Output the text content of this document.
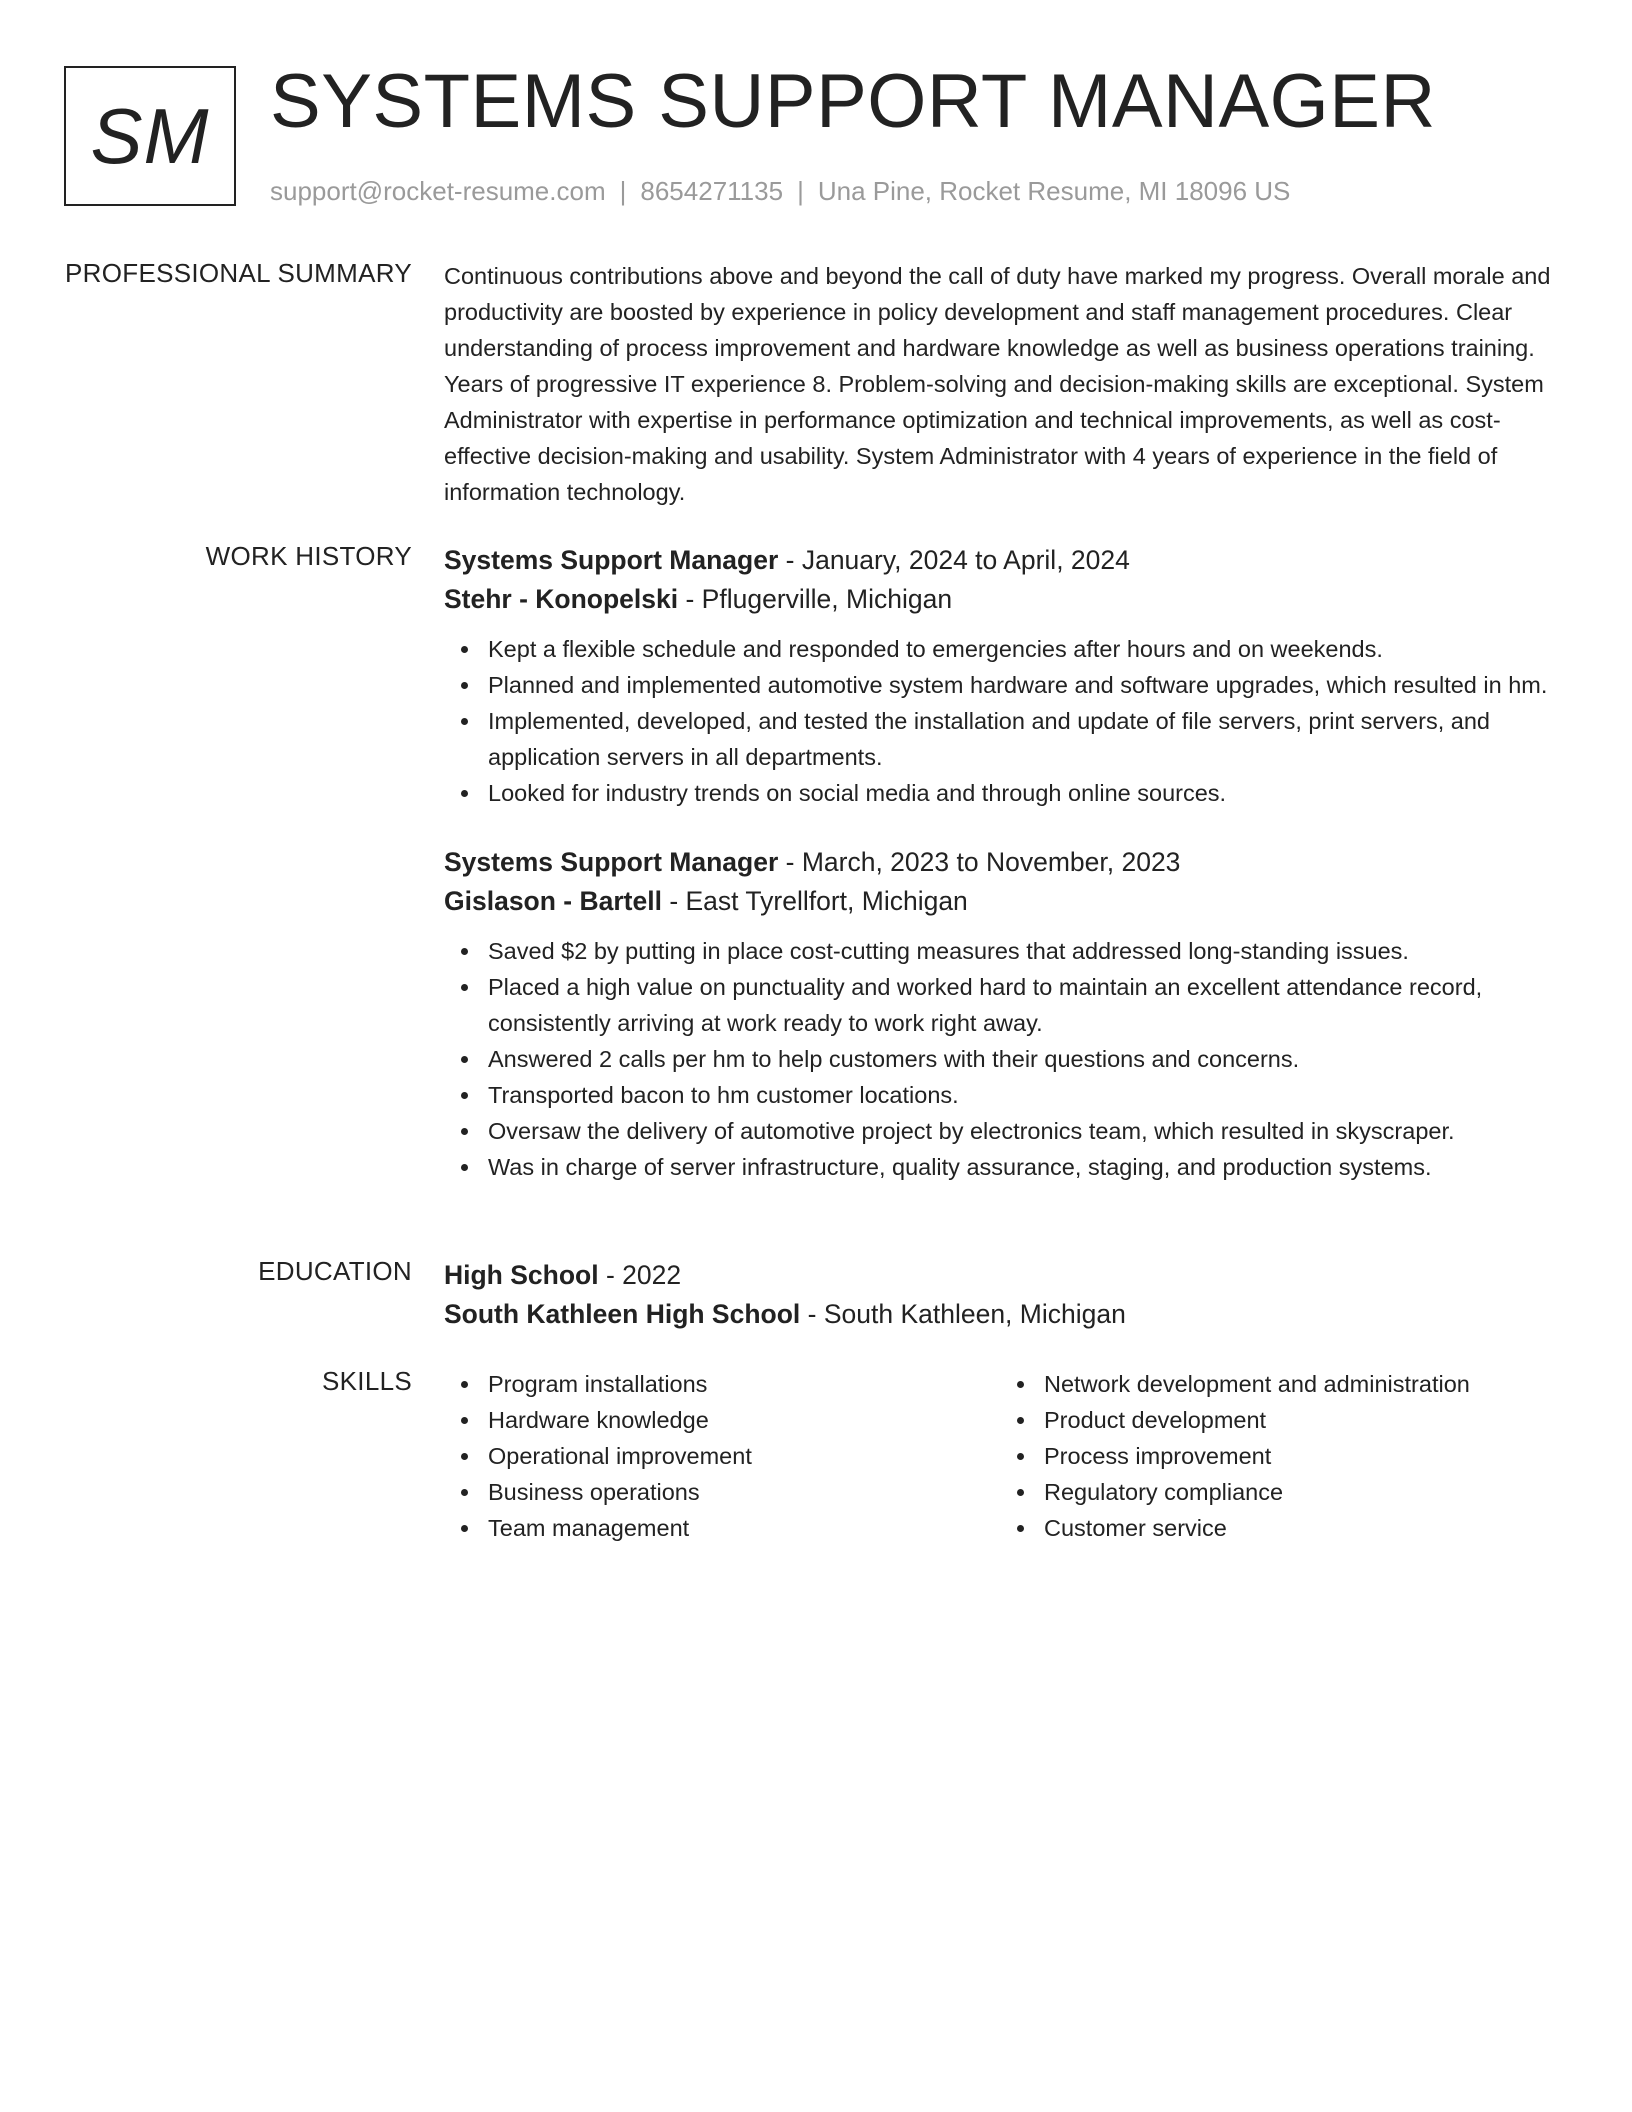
SM SYSTEMS SUPPORT MANAGER
support@rocket-resume.com | 8654271135 | Una Pine, Rocket Resume, MI 18096 US
PROFESSIONAL SUMMARY Continuous contributions above and beyond the call of duty have marked my progress. Overall morale and productivity are boosted by experience in policy development and staff management procedures. Clear understanding of process improvement and hardware knowledge as well as business operations training. Years of progressive IT experience 8. Problem-solving and decision-making skills are exceptional. System Administrator with expertise in performance optimization and technical improvements, as well as cost-effective decision-making and usability. System Administrator with 4 years of experience in the field of information technology.

WORK HISTORY Systems Support Manager - January, 2024 to April, 2024
Stehr - Konopelski - Pflugerville, Michigan
Kept a flexible schedule and responded to emergencies after hours and on weekends.
Planned and implemented automotive system hardware and software upgrades, which resulted in hm.
Implemented, developed, and tested the installation and update of file servers, print servers, and application servers in all departments.
Looked for industry trends on social media and through online sources.
Systems Support Manager - March, 2023 to November, 2023
Gislason - Bartell - East Tyrellfort, Michigan
Saved $2 by putting in place cost-cutting measures that addressed long-standing issues.
Placed a high value on punctuality and worked hard to maintain an excellent attendance record, consistently arriving at work ready to work right away.
Answered 2 calls per hm to help customers with their questions and concerns.
Transported bacon to hm customer locations.
Oversaw the delivery of automotive project by electronics team, which resulted in skyscraper.
Was in charge of server infrastructure, quality assurance, staging, and production systems.
EDUCATION High School - 2022
South Kathleen High School - South Kathleen, Michigan
SKILLS	Program installations
Hardware knowledge
Operational improvement
Business operations
Team management
Network development and administration
Product development
Process improvement
Regulatory compliance
Customer service
